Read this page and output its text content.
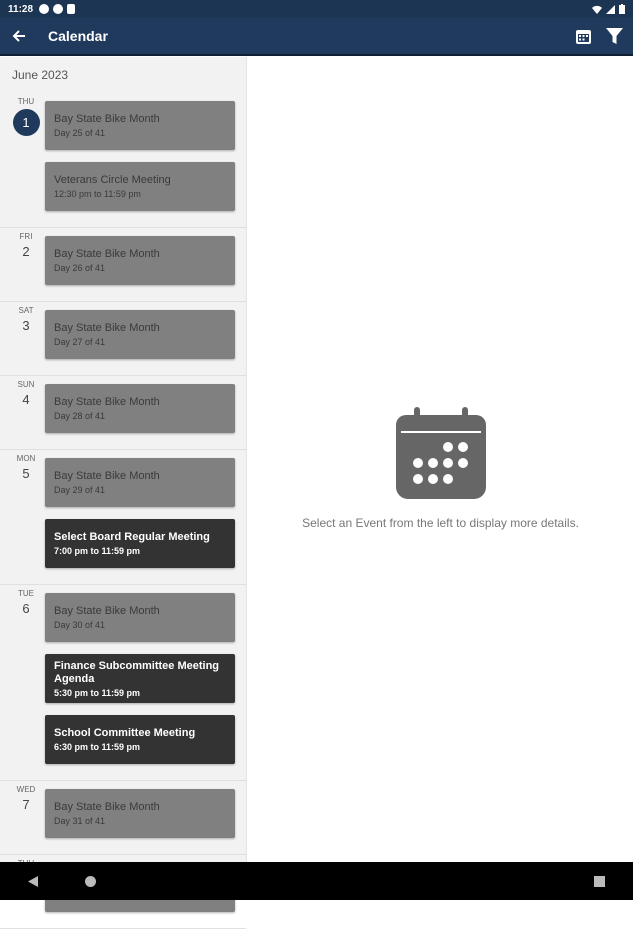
11:28
Calendar
June 2023
THU
1	Bay State Bike Month
Day 25 of 41
Veterans Circle Meeting
12:30 pm to 11:59 pm
FRI
2	Bay State Bike Month
Day 26 of 41
SAT
3	Bay State Bike Month
Day 27 of 41
SUN
4	Bay State Bike Month
Day 28 of 41
MON
5	Bay State Bike Month
Day 29 of 41
Select Board Regular Meeting
7:00 pm to 11:59 pm
TUE
6	Bay State Bike Month
Day 30 of 41
Finance Subcommittee Meeting Agenda
5:30 pm to 11:59 pm
School Committee Meeting
6:30 pm to 11:59 pm
WED
7	Bay State Bike Month
Day 31 of 41
Select an Event from the left to display more details.
